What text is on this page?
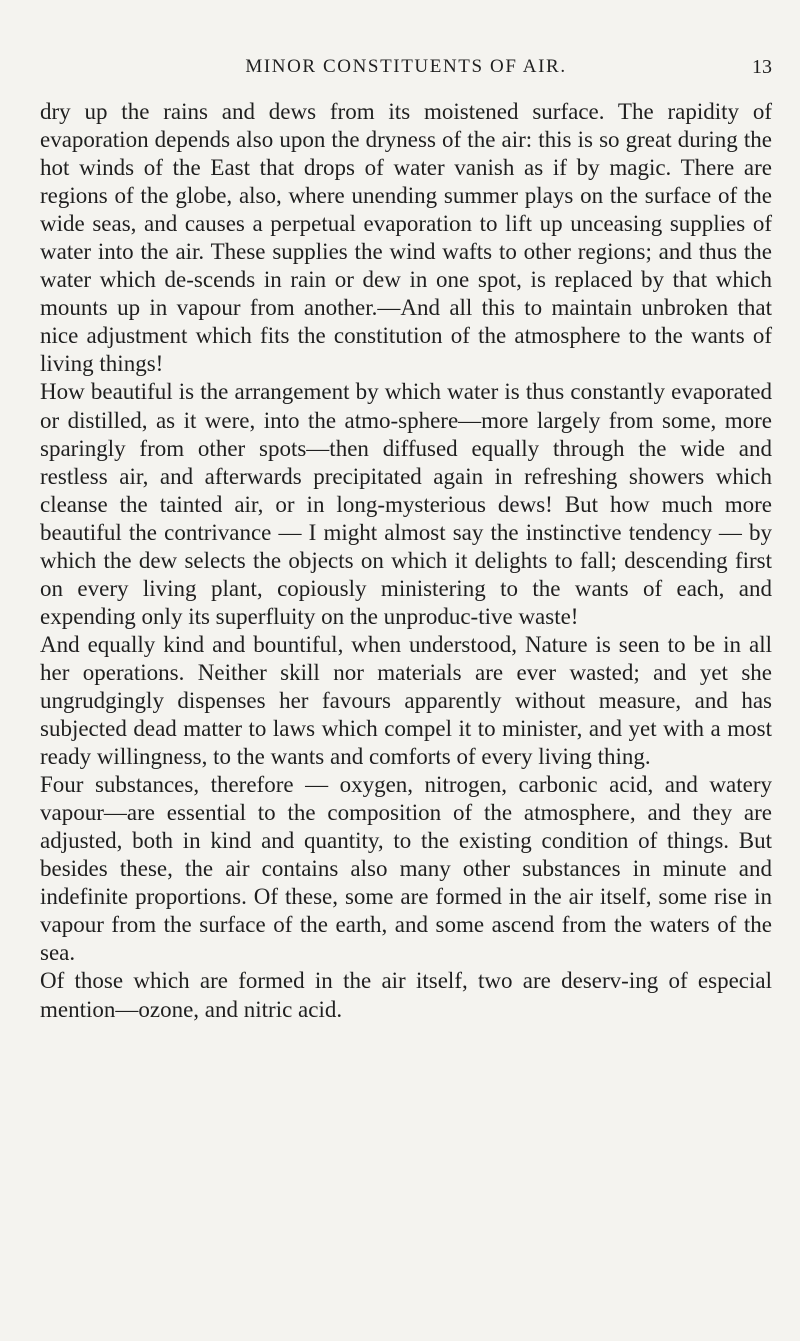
MINOR CONSTITUENTS OF AIR.	13

dry up the rains and dews from its moistened surface. The rapidity of evaporation depends also upon the dryness of the air: this is so great during the hot winds of the East that drops of water vanish as if by magic. There are regions of the globe, also, where unending summer plays on the surface of the wide seas, and causes a perpetual evaporation to lift up unceasing supplies of water into the air. These supplies the wind wafts to other regions; and thus the water which de-scends in rain or dew in one spot, is replaced by that which mounts up in vapour from another.—And all this to maintain unbroken that nice adjustment which fits the constitution of the atmosphere to the wants of living things!

How beautiful is the arrangement by which water is thus constantly evaporated or distilled, as it were, into the atmo-sphere—more largely from some, more sparingly from other spots—then diffused equally through the wide and restless air, and afterwards precipitated again in refreshing showers which cleanse the tainted air, or in long-mysterious dews! But how much more beautiful the contrivance — I might almost say the instinctive tendency — by which the dew selects the objects on which it delights to fall; descending first on every living plant, copiously ministering to the wants of each, and expending only its superfluity on the unproduc-tive waste!

And equally kind and bountiful, when understood, Nature is seen to be in all her operations. Neither skill nor materials are ever wasted; and yet she ungrudgingly dispenses her favours apparently without measure, and has subjected dead matter to laws which compel it to minister, and yet with a most ready willingness, to the wants and comforts of every living thing.

Four substances, therefore — oxygen, nitrogen, carbonic acid, and watery vapour—are essential to the composition of the atmosphere, and they are adjusted, both in kind and quantity, to the existing condition of things. But besides these, the air contains also many other substances in minute and indefinite proportions. Of these, some are formed in the air itself, some rise in vapour from the surface of the earth, and some ascend from the waters of the sea.

Of those which are formed in the air itself, two are deserv-ing of especial mention—ozone, and nitric acid.
